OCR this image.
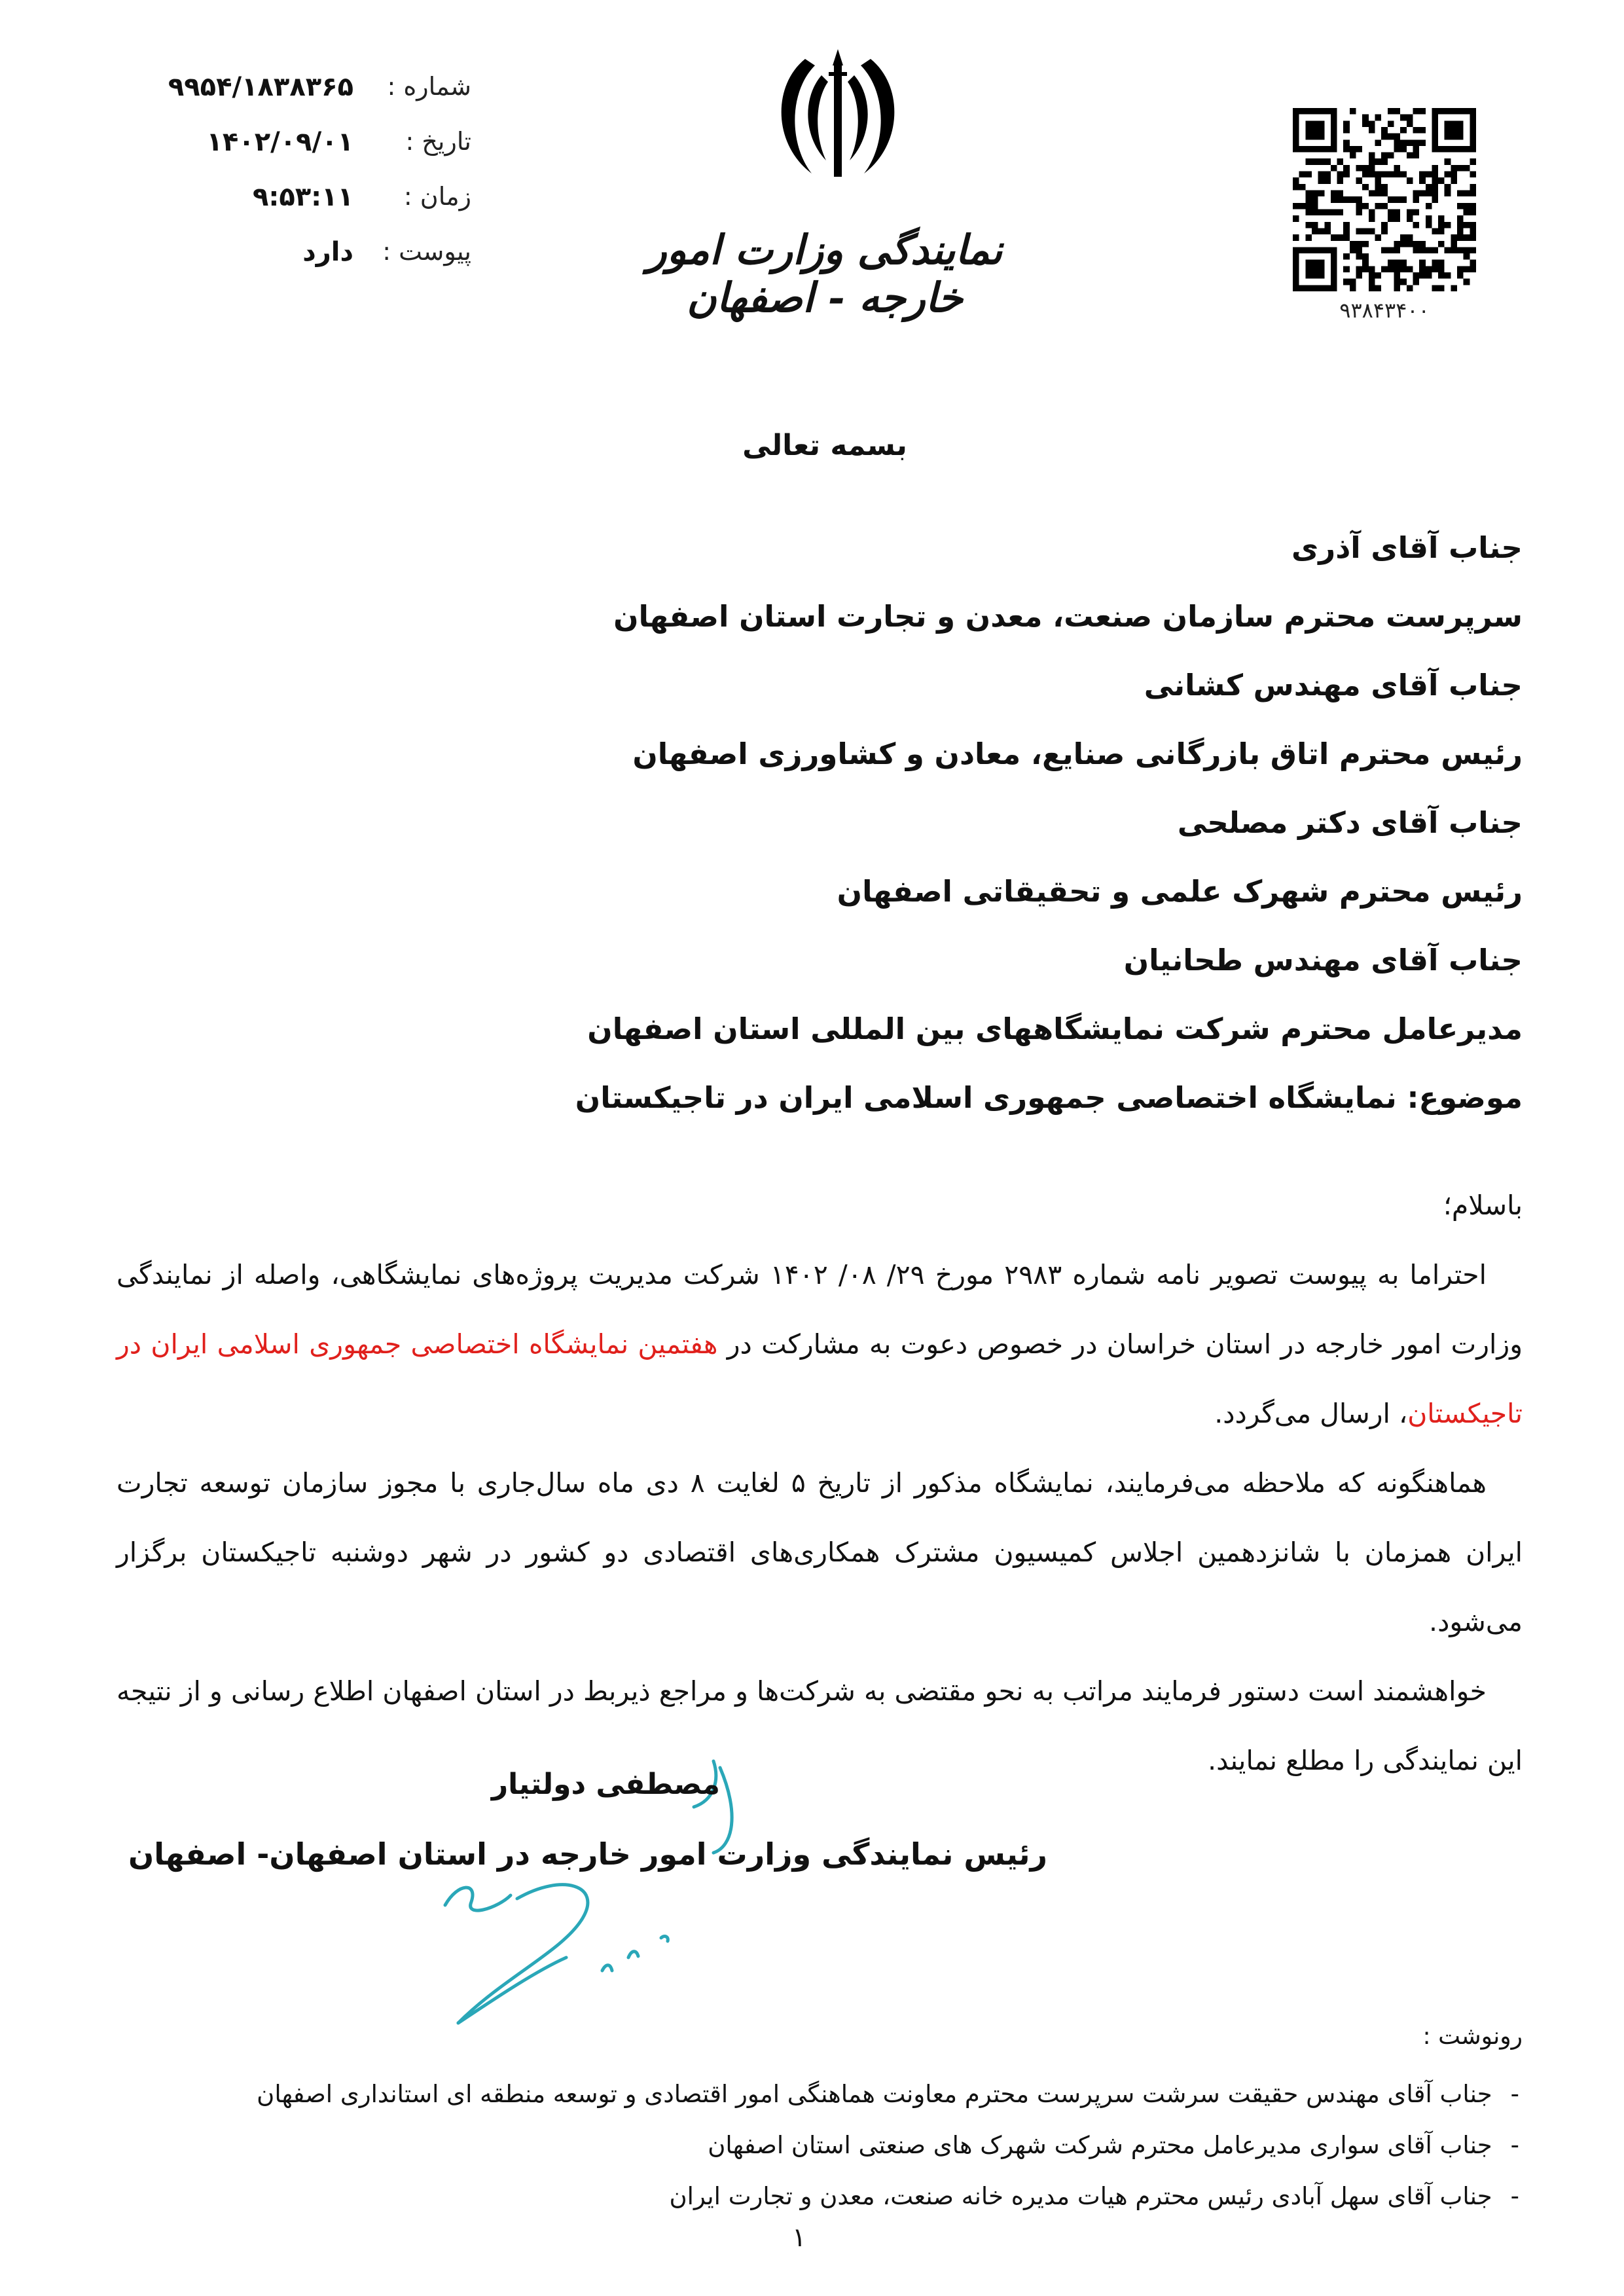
شماره :
۹۹۵۴/۱۸۳۸۳۶۵
تاریخ :
۱۴۰۲/۰۹/۰۱
زمان :
۹:۵۳:۱۱
پیوست :
دارد	نمایندگی وزارت امور خارجه - اصفهان	۹۳۸۴۳۴۰۰
بسمه تعالی
جناب آقای آذری
سرپرست محترم سازمان صنعت، معدن و تجارت استان اصفهان
جناب آقای مهندس کشانی
رئیس محترم اتاق بازرگانی صنایع، معادن و کشاورزی اصفهان
جناب آقای دکتر مصلحی
رئیس محترم شهرک علمی و تحقیقاتی اصفهان
جناب آقای مهندس طحانیان
مدیرعامل محترم شرکت نمایشگاههای بین المللی استان اصفهان
موضوع: نمایشگاه اختصاصی جمهوری اسلامی ایران در تاجیکستان

باسلام؛

احتراما به پیوست تصویر نامه شماره ۲۹۸۳ مورخ ۲۹/ ۰۸/ ۱۴۰۲ شرکت مدیریت پروژه‌های نمایشگاهی، واصله از نمایندگی وزارت امور خارجه در استان خراسان در خصوص دعوت به مشارکت در هفتمین نمایشگاه اختصاصی جمهوری اسلامی ایران در تاجیکستان، ارسال می‌گردد.

هماهنگونه که ملاحظه می‌فرمایند، نمایشگاه مذکور از تاریخ ۵ لغایت ۸ دی ماه سال‌جاری با مجوز سازمان توسعه تجارت ایران همزمان با شانزدهمین اجلاس کمیسیون مشترک همکاری‌های اقتصادی دو کشور در شهر دوشنبه تاجیکستان برگزار می‌شود.

خواهشمند است دستور فرمایند مراتب به نحو مقتضی به شرکت‌ها و مراجع ذیربط در استان اصفهان اطلاع رسانی و از نتیجه این نمایندگی را مطلع نمایند.

مصطفی دولتیار
رئیس نمایندگی وزارت امور خارجه در استان اصفهان- اصفهان
رونوشت :
-جناب آقای مهندس حقیقت سرشت سرپرست محترم معاونت هماهنگی امور اقتصادی و توسعه منطقه ای استانداری اصفهان
-جناب آقای سواری مدیرعامل محترم شرکت شهرک های صنعتی استان اصفهان
-جناب آقای سهل آبادی رئیس محترم هیات مدیره خانه صنعت، معدن و تجارت ایران
۱
